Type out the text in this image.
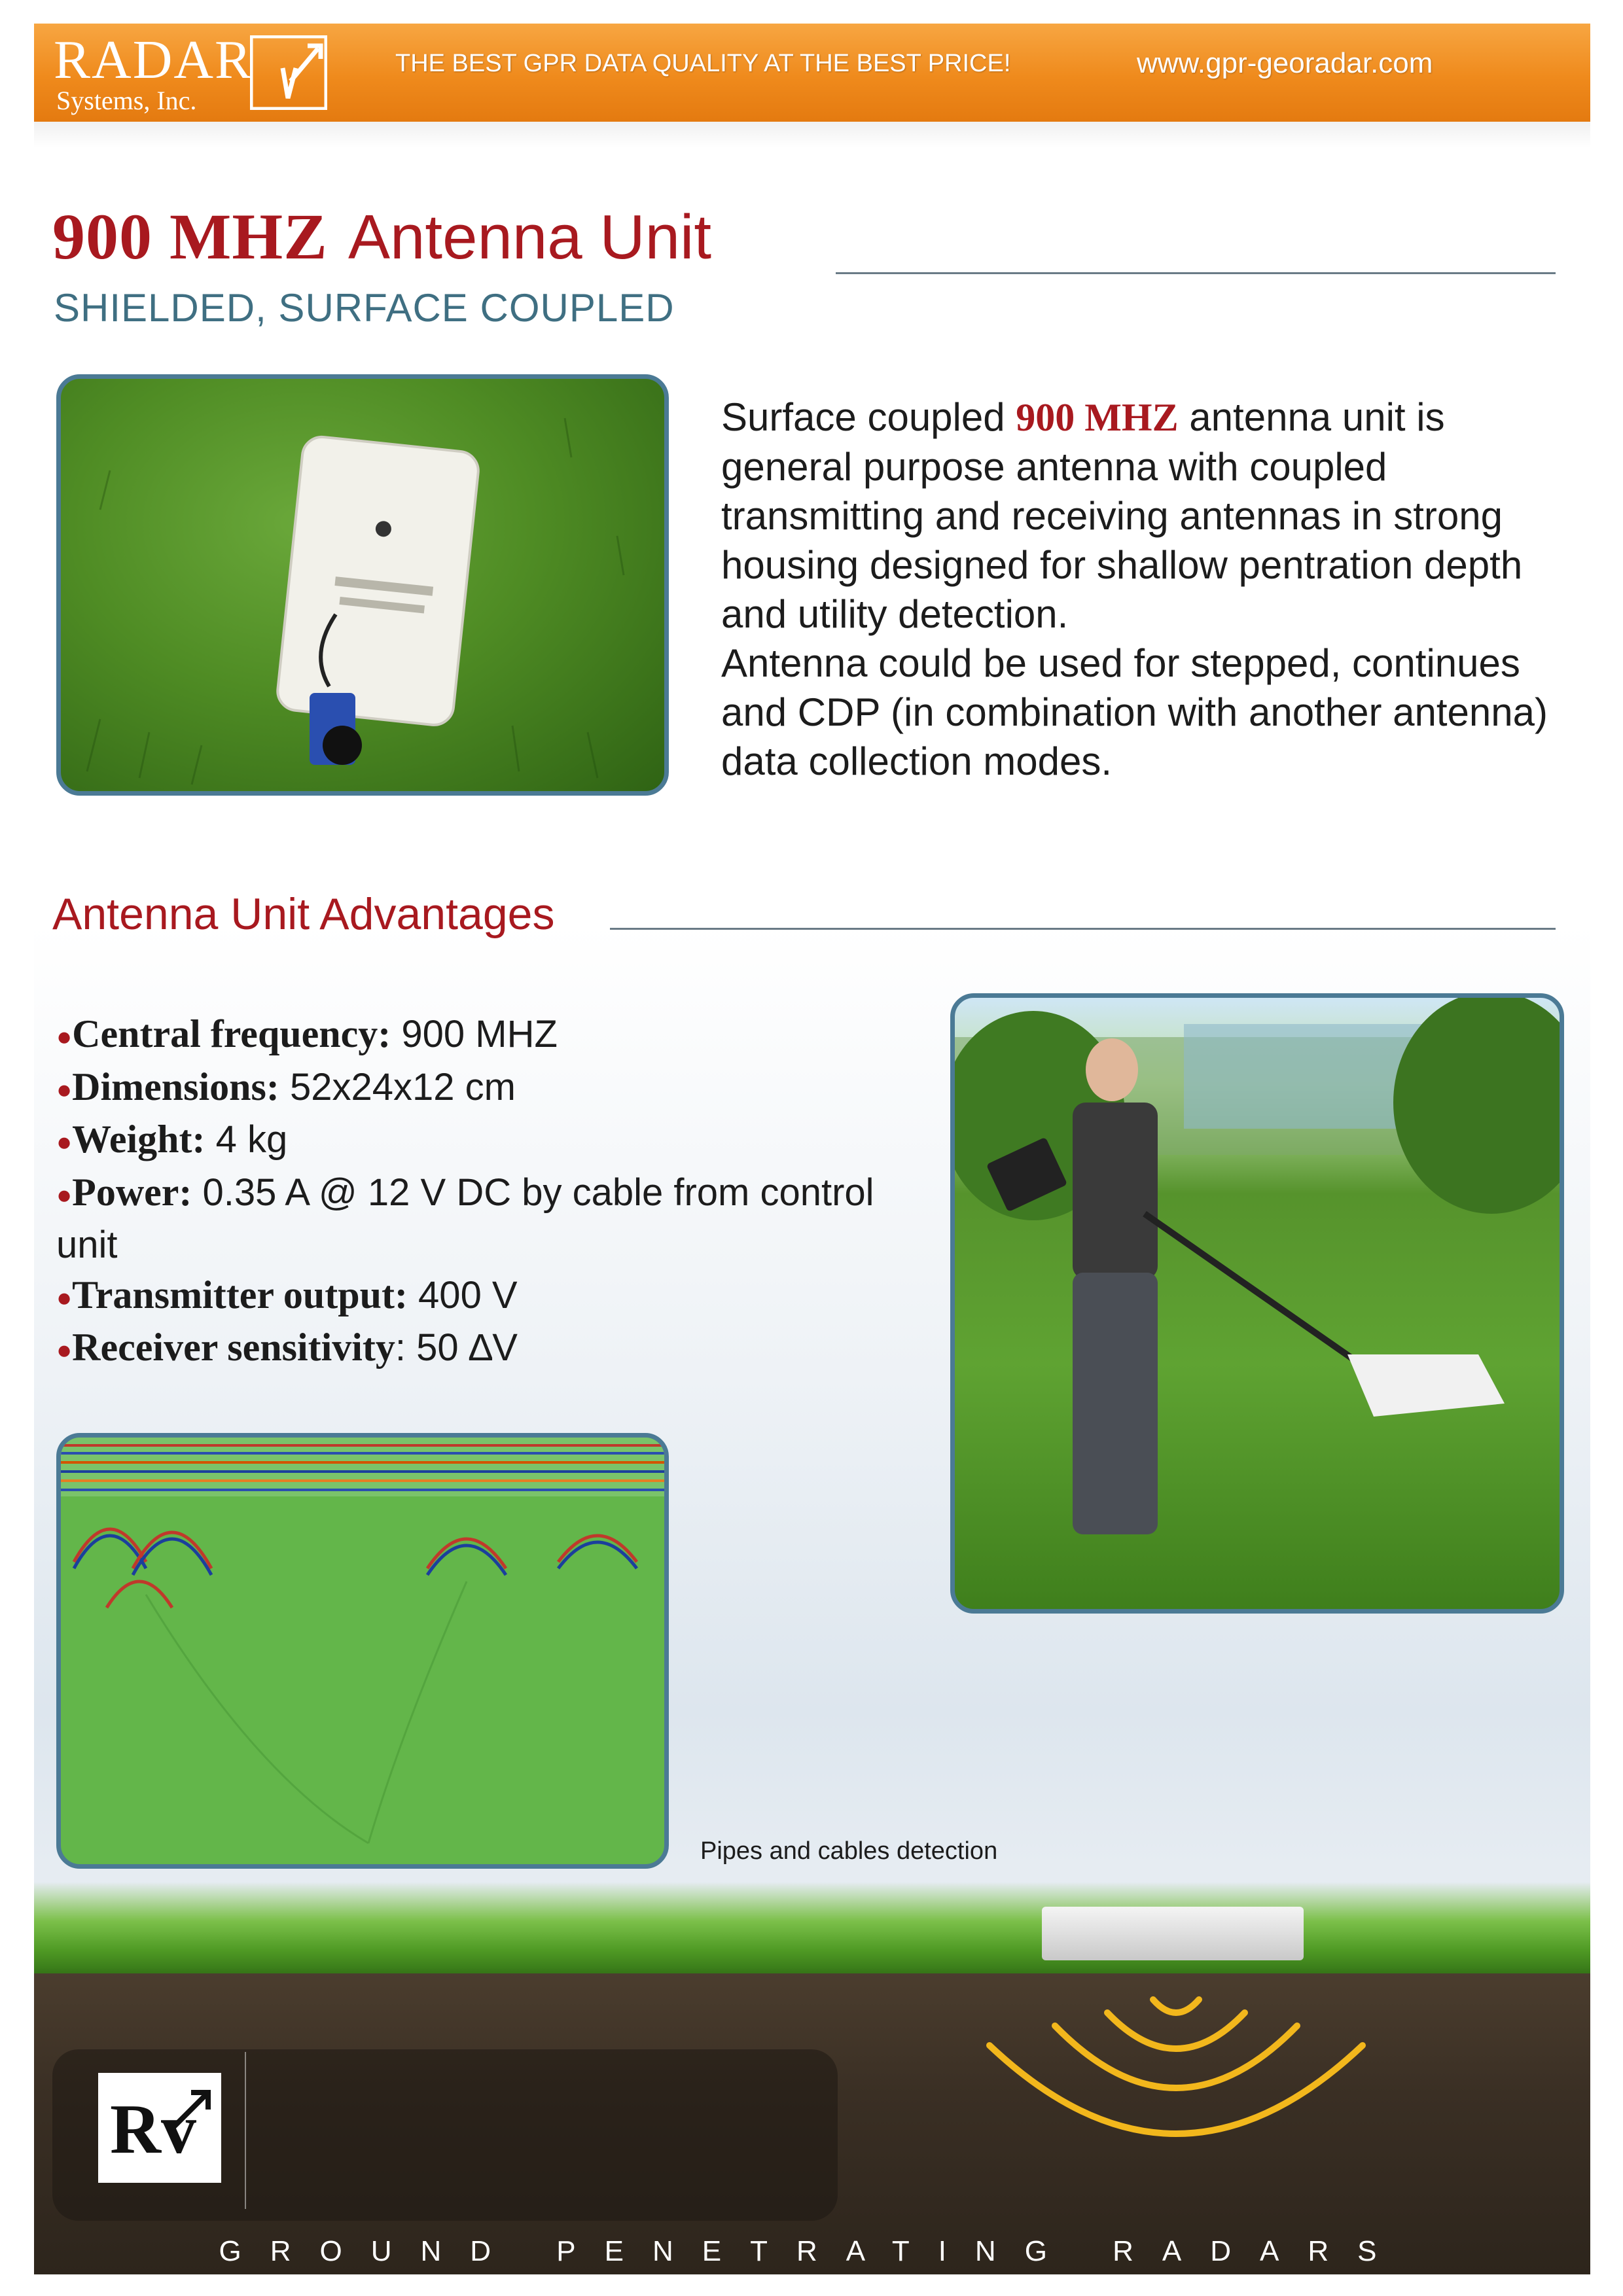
RADAR
Systems, Inc.
THE BEST GPR DATA QUALITY AT THE BEST PRICE!	www.gpr-georadar.com
900 MHZ Antenna Unit
SHIELDED, SURFACE COUPLED
Surface coupled 900 MHZ antenna unit is general purpose antenna with coupled transmitting and receiving antennas in strong housing designed for shallow pentration depth and utility detection.
Antenna could be used for stepped, continues and CDP (in combination with another antenna) data collection modes.
Antenna Unit Advantages
●Central frequency: 900 MHZ
●Dimensions: 52x24x12 cm
●Weight: 4 kg
●Power: 0.35 A @ 12 V DC by cable from control unit
●Transmitter output: 400 V
●Receiver sensitivity: 50 ∆V
Pipes and cables detection
Rv
GROUND PENETRATING RADARS
